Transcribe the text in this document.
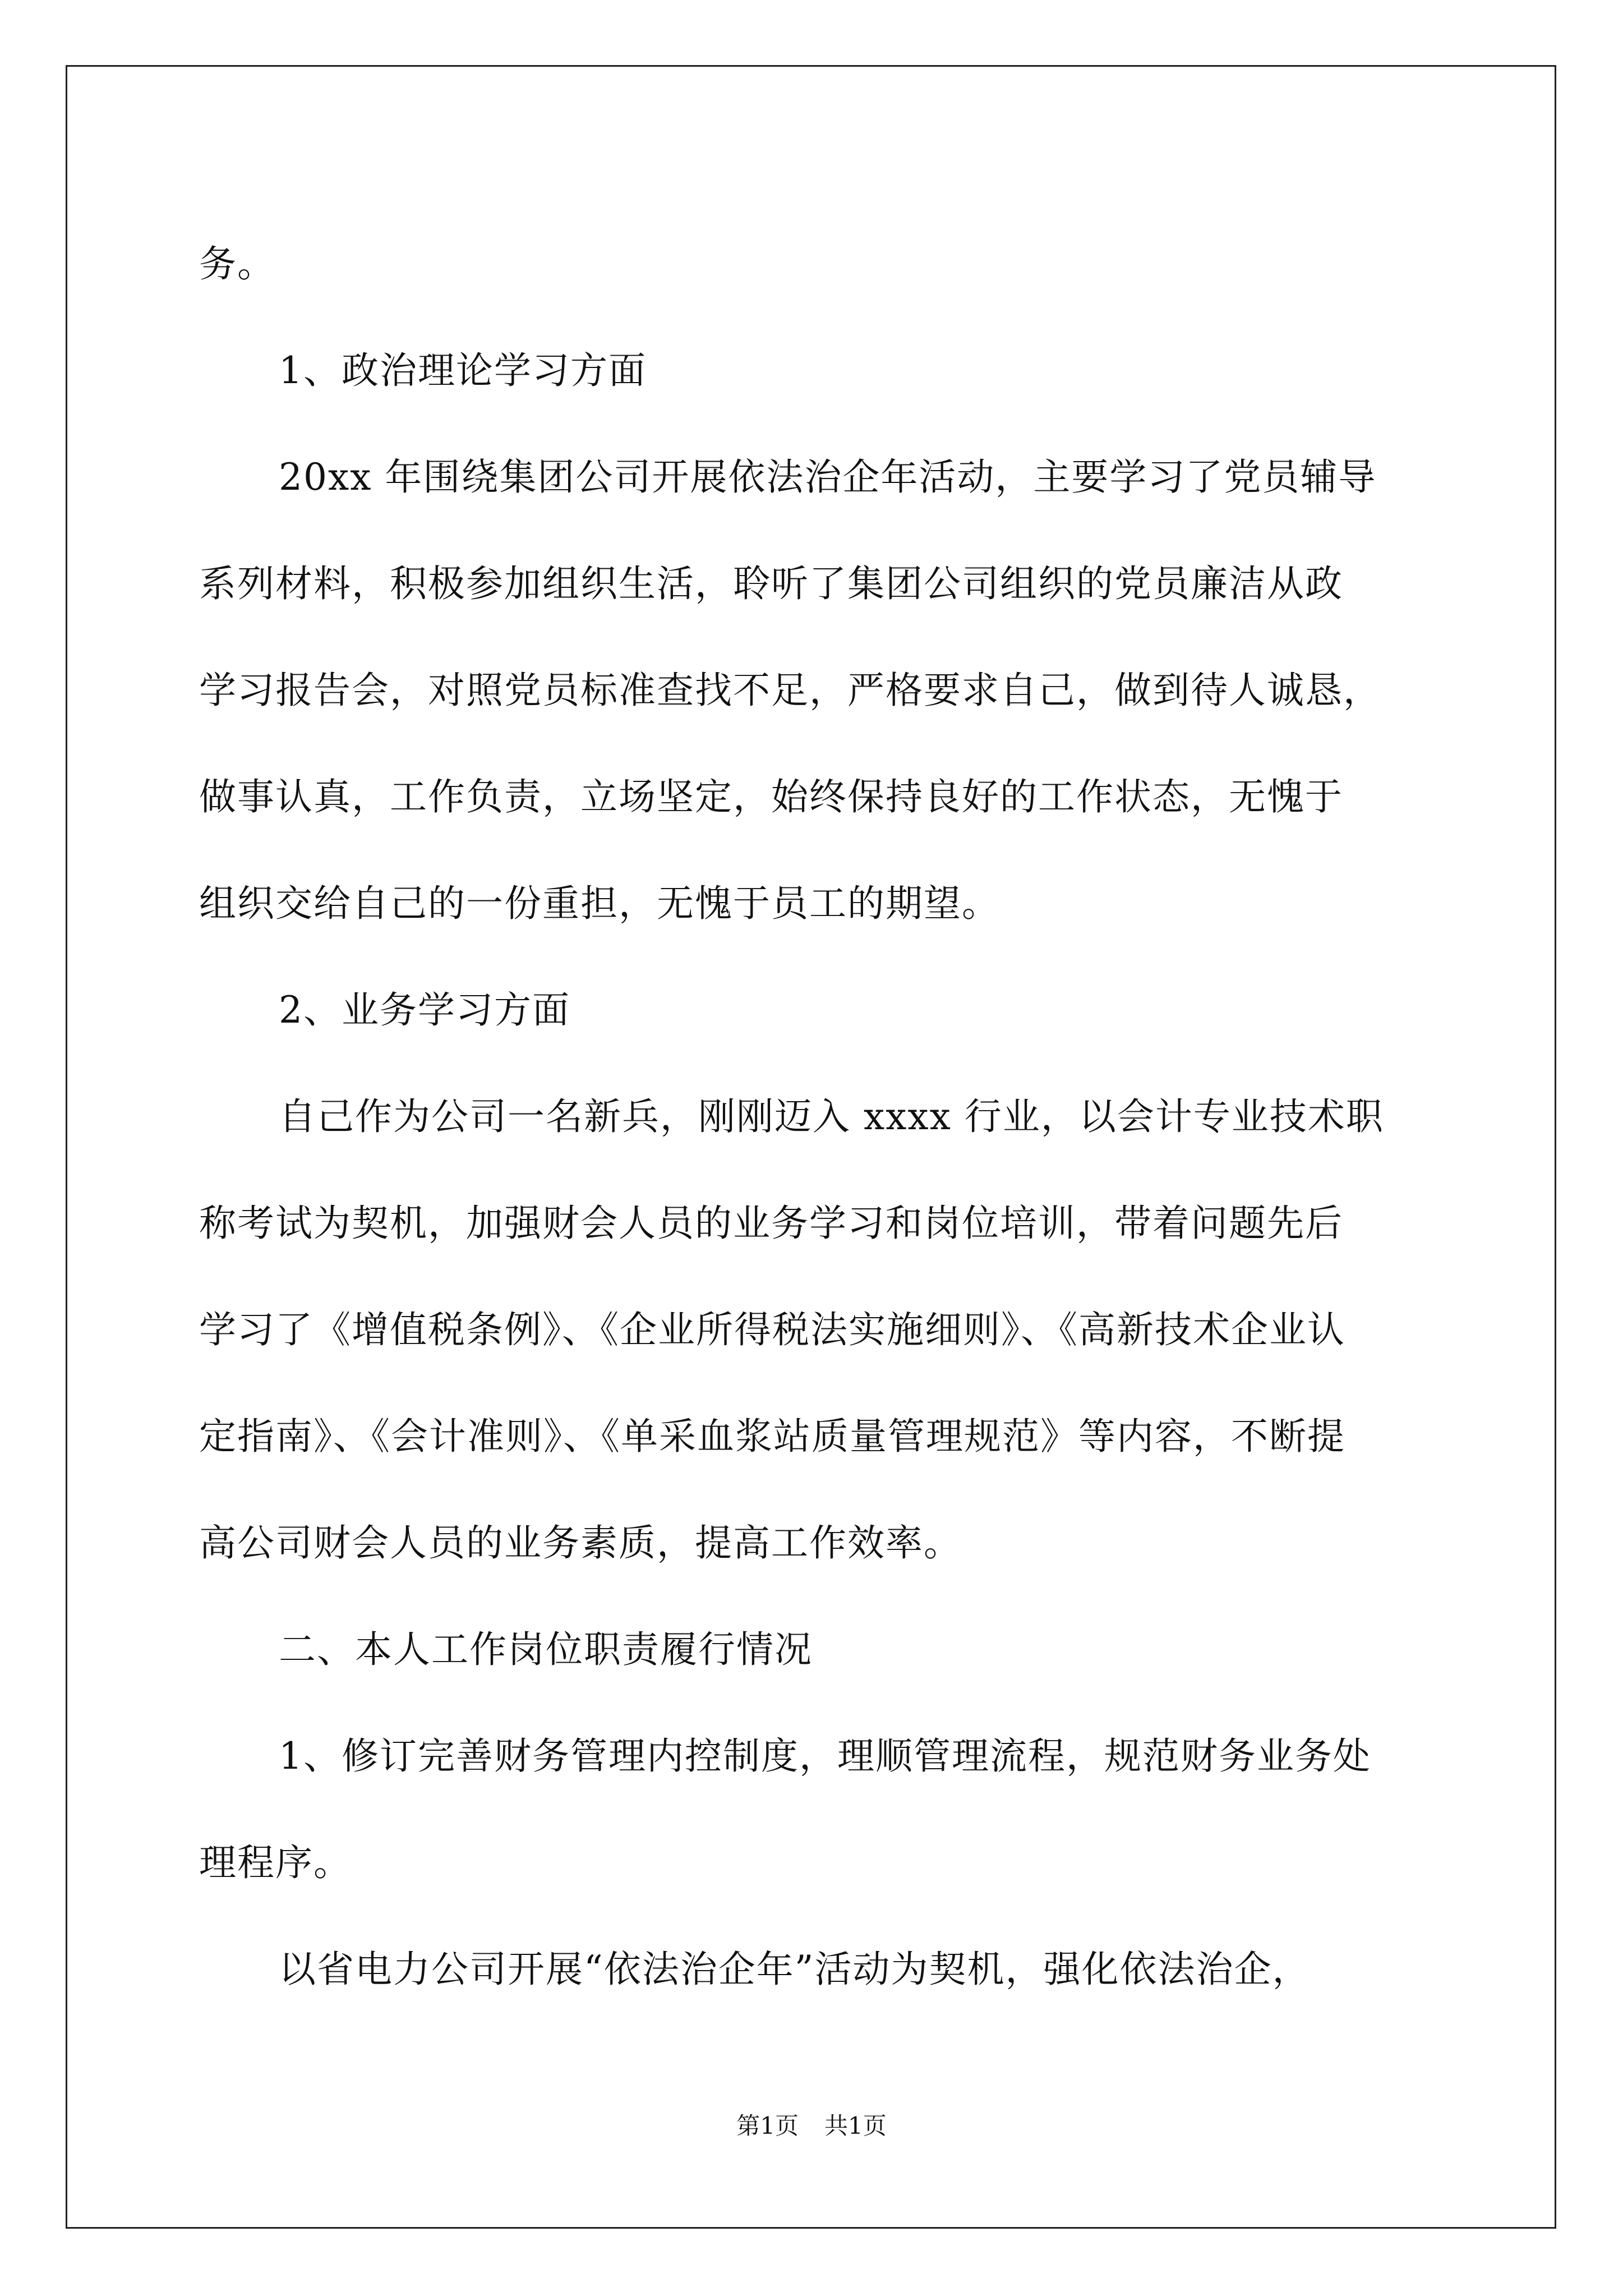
务。
1、政治理论学习方面
20xx 年围绕集团公司开展依法治企年活动，主要学习了党员辅导
系列材料，积极参加组织生活，聆听了集团公司组织的党员廉洁从政
学习报告会，对照党员标准查找不足，严格要求自己，做到待人诚恳，
做事认真，工作负责，立场坚定，始终保持良好的工作状态，无愧于
组织交给自己的一份重担，无愧于员工的期望。
2、业务学习方面
自己作为公司一名新兵，刚刚迈入 xxxx 行业，以会计专业技术职
称考试为契机，加强财会人员的业务学习和岗位培训，带着问题先后
学习了《增值税条例》、《企业所得税法实施细则》、《高新技术企业认
定指南》、《会计准则》、《单采血浆站质量管理规范》等内容，不断提
高公司财会人员的业务素质，提高工作效率。
二、本人工作岗位职责履行情况
1、修订完善财务管理内控制度，理顺管理流程，规范财务业务处
理程序。
以省电力公司开展“依法治企年”活动为契机，强化依法治企，
第1页 共1页
